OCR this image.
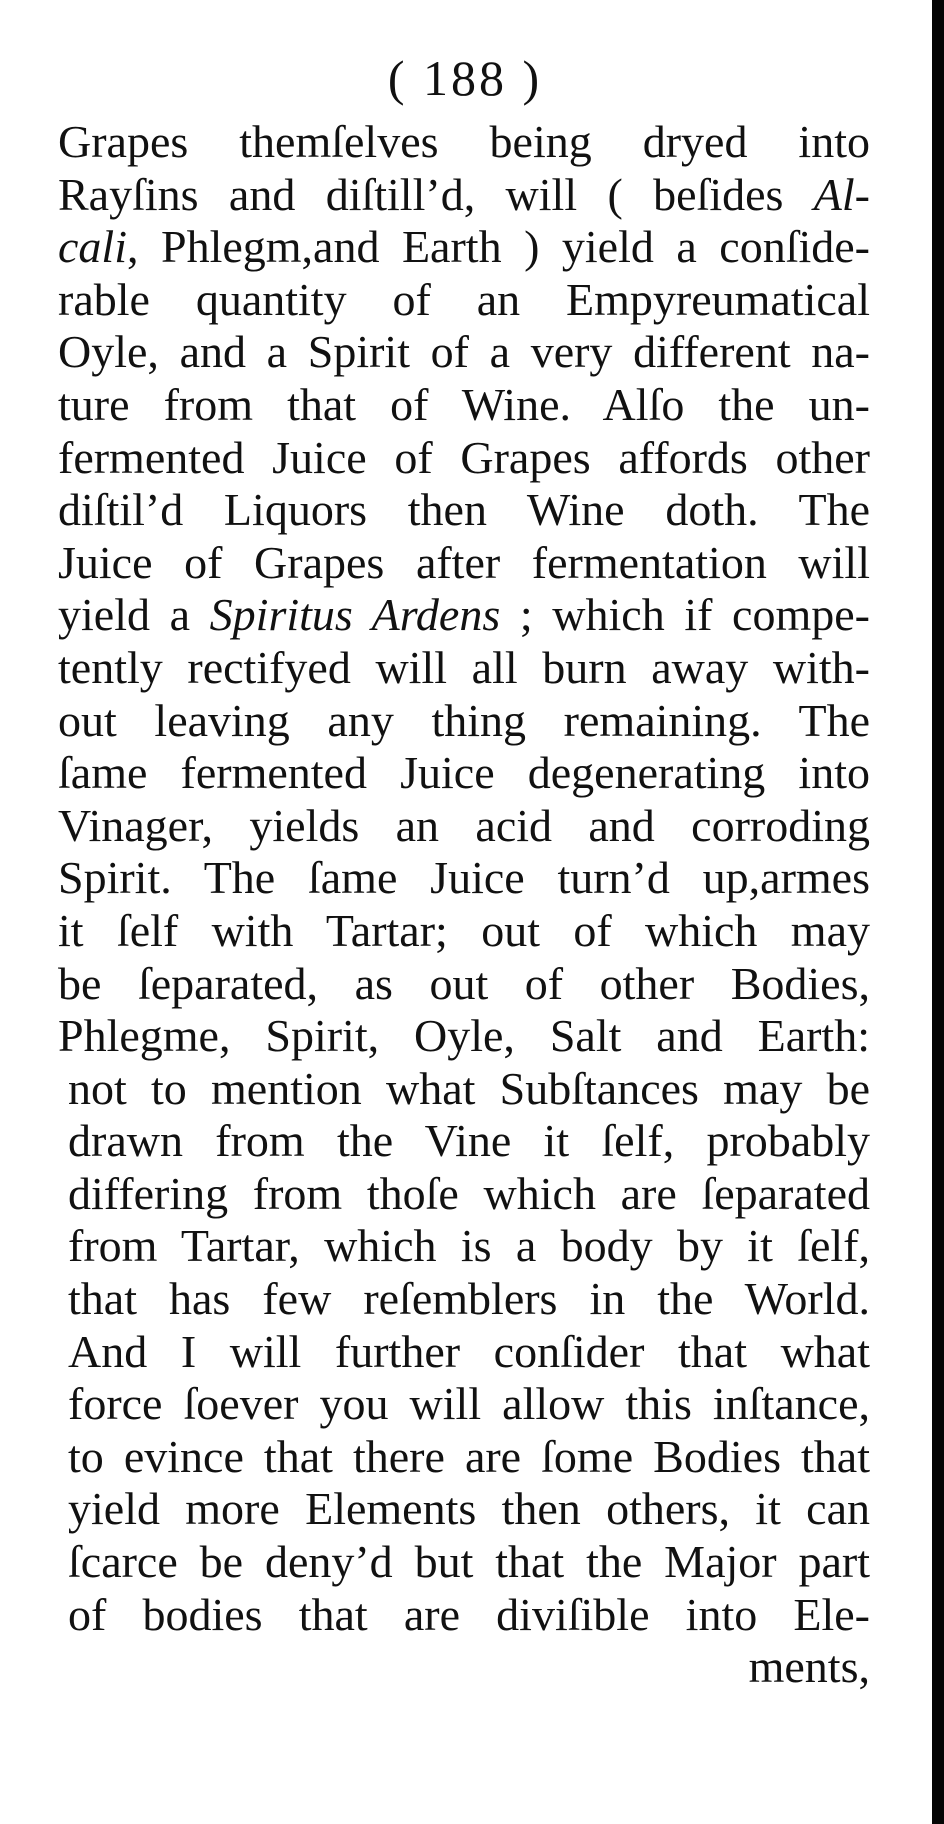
( 188 )
Grapes themſelves being dryed into
Rayſins and diſtill’d, will ( beſides Al-
cali, Phlegm,and Earth ) yield a conſide-
rable quantity of an Empyreumatical
Oyle, and a Spirit of a very different na-
ture from that of Wine. Alſo the un-
fermented Juice of Grapes affords other
diſtil’d Liquors then Wine doth. The
Juice of Grapes after fermentation will
yield a Spiritus Ardens ; which if compe-
tently rectifyed will all burn away with-
out leaving any thing remaining. The
ſame fermented Juice degenerating into
Vinager, yields an acid and corroding
Spirit. The ſame Juice turn’d up,armes
it ſelf with Tartar; out of which may
be ſeparated, as out of other Bodies,
Phlegme, Spirit, Oyle, Salt and Earth:
not to mention what Subſtances may be
drawn from the Vine it ſelf, probably
differing from thoſe which are ſeparated
from Tartar, which is a body by it ſelf,
that has few reſemblers in the World.
And I will further conſider that what
force ſoever you will allow this inſtance,
to evince that there are ſome Bodies that
yield more Elements then others, it can
ſcarce be deny’d but that the Major part
of bodies that are diviſible into Ele-
ments,
